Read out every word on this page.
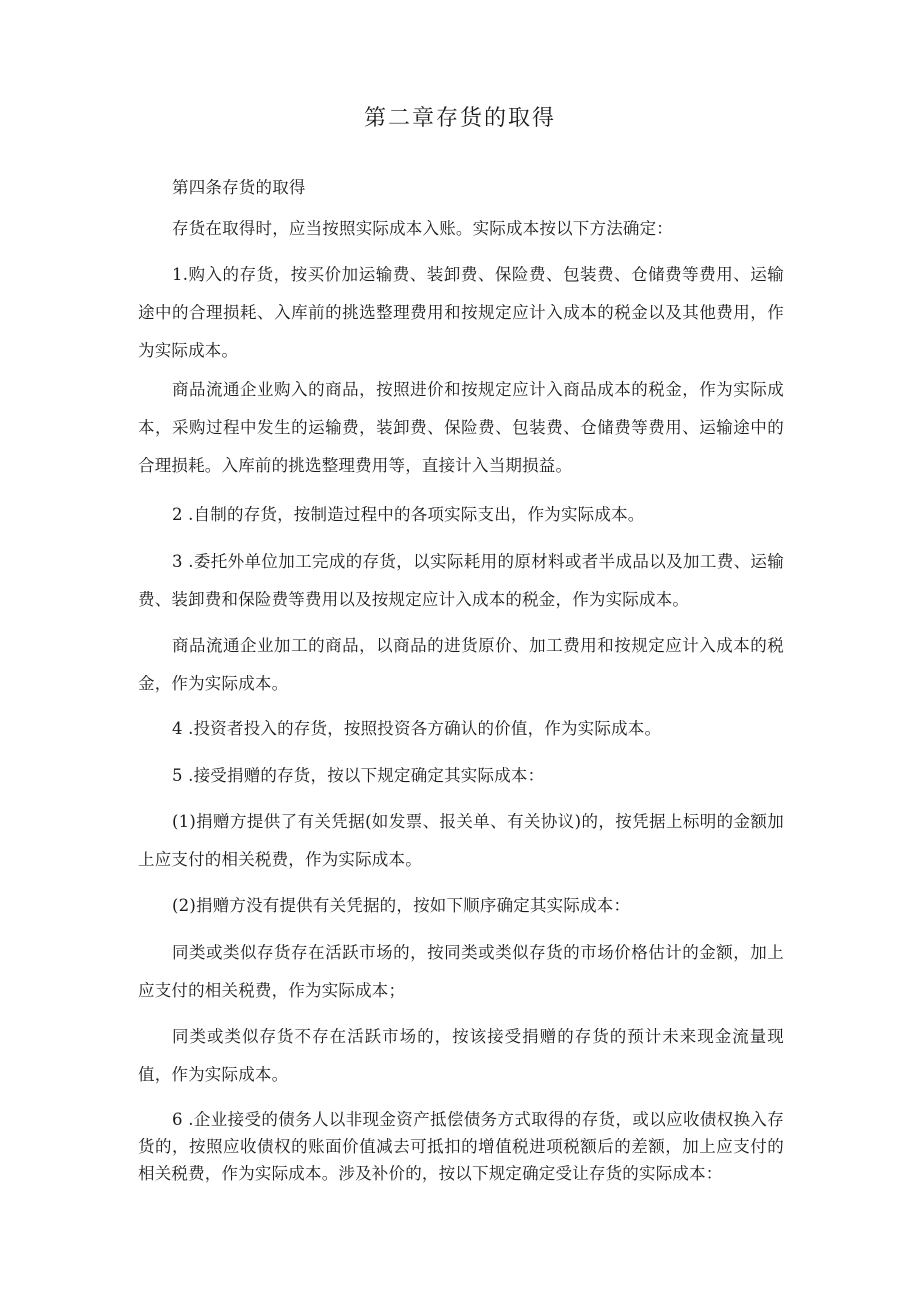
第二章存货的取得

第四条存货的取得

存货在取得时，应当按照实际成本入账。实际成本按以下方法确定：

1.购入的存货，按买价加运输费、装卸费、保险费、包装费、仓储费等费用、运输途中的合理损耗、入库前的挑选整理费用和按规定应计入成本的税金以及其他费用，作为实际成本。

商品流通企业购入的商品，按照进价和按规定应计入商品成本的税金，作为实际成本，采购过程中发生的运输费，装卸费、保险费、包装费、仓储费等费用、运输途中的合理损耗。入库前的挑选整理费用等，直接计入当期损益。

2 .自制的存货，按制造过程中的各项实际支出，作为实际成本。

3 .委托外单位加工完成的存货，以实际耗用的原材料或者半成品以及加工费、运输费、装卸费和保险费等费用以及按规定应计入成本的税金，作为实际成本。

商品流通企业加工的商品，以商品的进货原价、加工费用和按规定应计入成本的税金，作为实际成本。

4 .投资者投入的存货，按照投资各方确认的价值，作为实际成本。

5 .接受捐赠的存货，按以下规定确定其实际成本：

(1)捐赠方提供了有关凭据(如发票、报关单、有关协议)的，按凭据上标明的金额加上应支付的相关税费，作为实际成本。

(2)捐赠方没有提供有关凭据的，按如下顺序确定其实际成本：

同类或类似存货存在活跃市场的，按同类或类似存货的市场价格估计的金额，加上应支付的相关税费，作为实际成本；

同类或类似存货不存在活跃市场的，按该接受捐赠的存货的预计未来现金流量现值，作为实际成本。

6 .企业接受的债务人以非现金资产抵偿债务方式取得的存货，或以应收债权换入存货的，按照应收债权的账面价值减去可抵扣的增值税进项税额后的差额，加上应支付的相关税费，作为实际成本。涉及补价的，按以下规定确定受让存货的实际成本：
